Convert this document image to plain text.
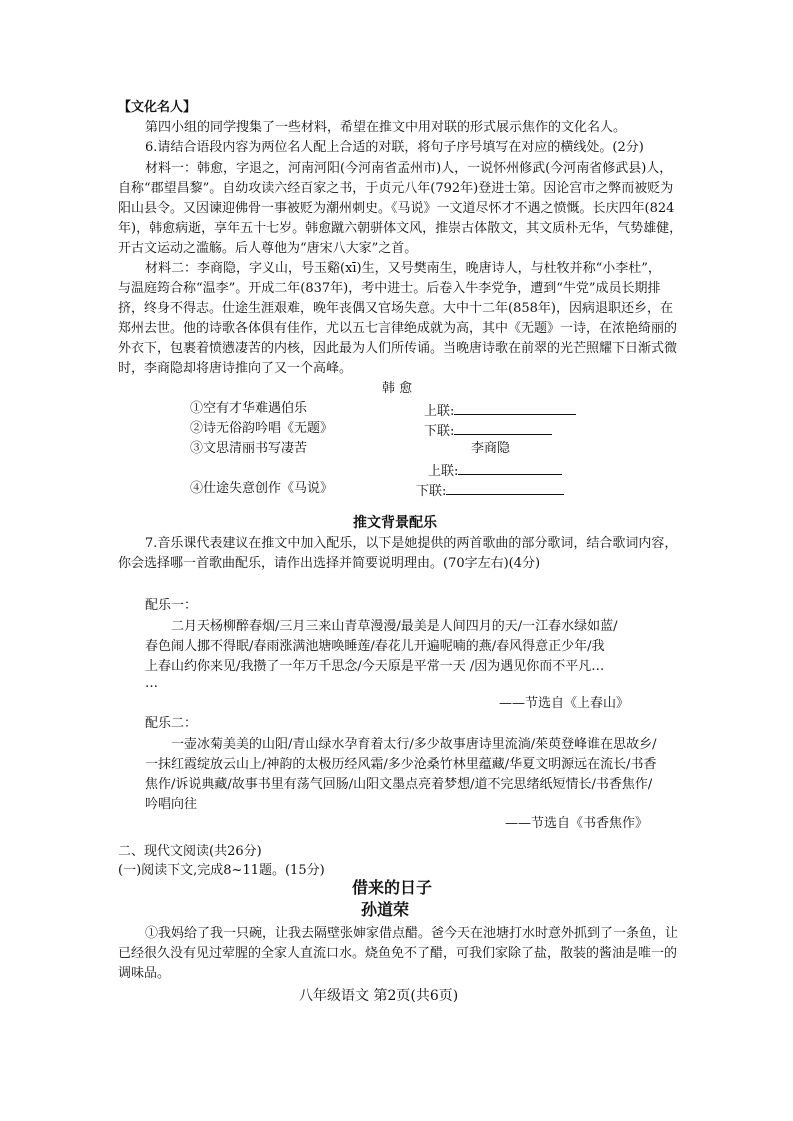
【文化名人】
第四小组的同学搜集了一些材料，希望在推文中用对联的形式展示焦作的文化名人。
6.请结合语段内容为两位名人配上合适的对联，将句子序号填写在对应的横线处。(2分)
材料一：韩愈，字退之，河南河阳(今河南省孟州市)人，一说怀州修武(今河南省修武县)人，
自称“郡望昌黎”。自幼攻读六经百家之书，于贞元八年(792年)登进士第。因论宫市之弊而被贬为
阳山县令。又因谏迎佛骨一事被贬为潮州刺史。《马说》一文道尽怀才不遇之愤慨。长庆四年(824
年)，韩愈病逝，享年五十七岁。韩愈蹴六朝骈体文风，推崇古体散文，其文质朴无华，气势雄健，
开古文运动之滥觞。后人尊他为“唐宋八大家”之首。
材料二：李商隐，字义山，号玉谿(xī)生，又号樊南生，晚唐诗人，与杜牧并称“小李杜”，
与温庭筠合称“温李”。开成二年(837年)，考中进士。后卷入牛李党争，遭到“牛党”成员长期排
挤，终身不得志。仕途生涯艰难，晚年丧偶又官场失意。大中十二年(858年)，因病退职还乡，在
郑州去世。他的诗歌各体俱有佳作，尤以五七言律绝成就为高，其中《无题》一诗，在浓艳绮丽的
外衣下，包裹着愤懑凄苦的内核，因此最为人们所传诵。当晚唐诗歌在前翠的光芒照耀下日渐式微
时，李商隐却将唐诗推向了又一个高峰。
韩 愈
①空有才华难遇伯乐	上联:
②诗无俗韵吟唱《无题》	下联:
③文思清丽书写凄苦	李商隐
上联:
④仕途失意创作《马说》	下联:
推文背景配乐
7.音乐课代表建议在推文中加入配乐，以下是她提供的两首歌曲的部分歌词，结合歌词内容，
你会选择哪一首歌曲配乐，请作出选择并简要说明理由。(70字左右)(4分)
配乐一：
二月天杨柳醉春烟/三月三来山青草漫漫/最美是人间四月的天/一江春水绿如蓝/
春色闹人挪不得眠/春雨涨满池塘唤睡莲/春花儿开遍呢喃的燕/春风得意正少年/我
上春山约你来见/我攒了一年万千思念/今天原是平常一天 /因为遇见你而不平凡…
…
——节选自《上春山》
配乐二：
一壶冰菊美美的山阳/青山绿水孕育着太行/多少故事唐诗里流淌/茱萸登峰谁在思故乡/
一抹红霞绽放云山上/神韵的太极历经风霜/多少沧桑竹林里蕴藏/华夏文明源远在流长/书香
焦作/诉说典藏/故事书里有荡气回肠/山阳文墨点亮着梦想/道不完思绪纸短情长/书香焦作/
吟唱向往
——节选自《书香焦作》
二、现代文阅读(共26分)
(一)阅读下文,完成8~11题。(15分)
借来的日子
孙道荣
①我妈给了我一只碗，让我去隔壁张婶家借点醋。爸今天在池塘打水时意外抓到了一条鱼，让
已经很久没有见过荤腥的全家人直流口水。烧鱼免不了醋，可我们家除了盐，散装的酱油是唯一的
调味品。
八年级语文 第2页(共6页)
